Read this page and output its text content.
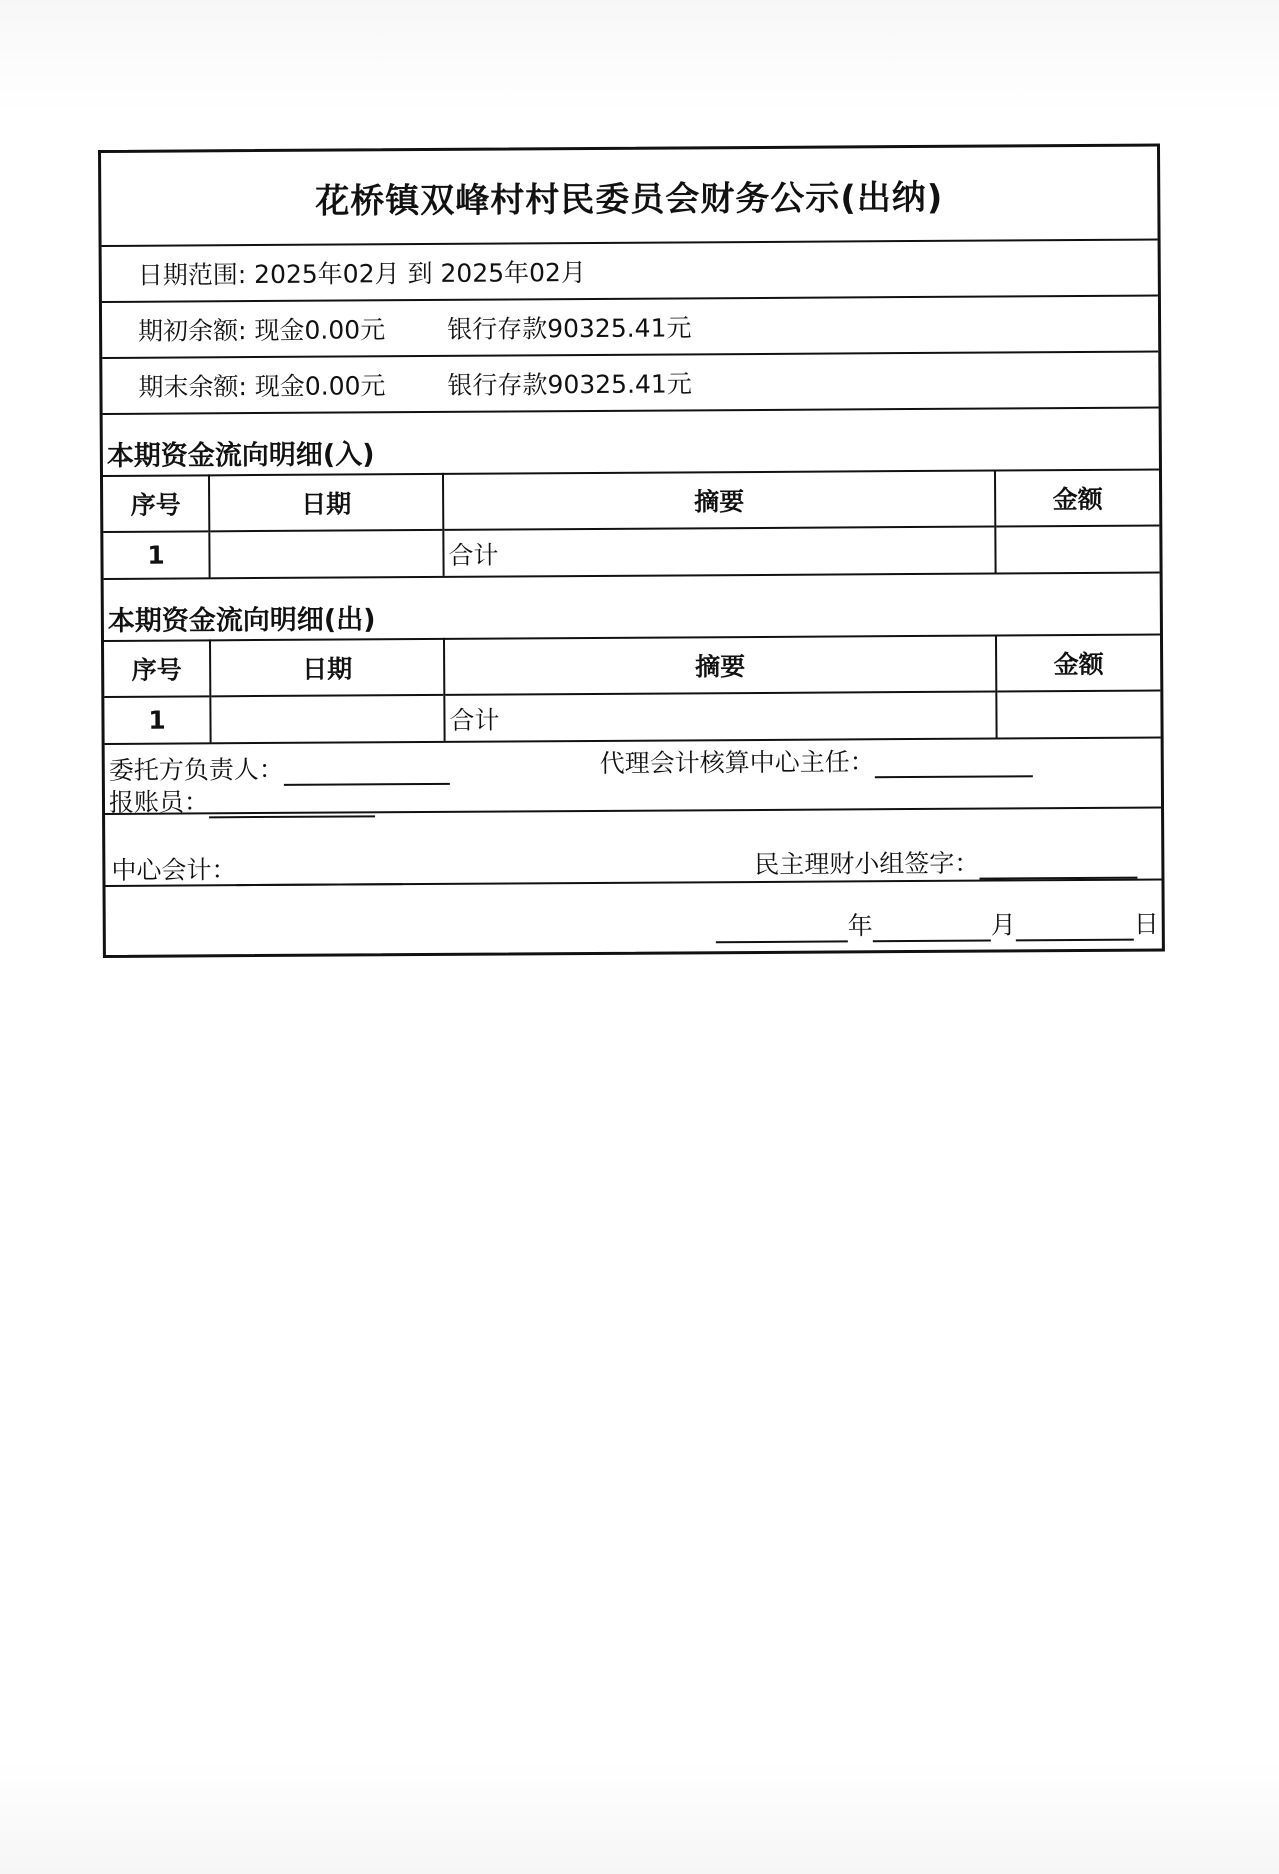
花桥镇双峰村村民委员会财务公示(出纳)
日期范围: 2025年02月 到 2025年02月
期初余额: 现金0.00元 银行存款90325.41元
期末余额: 现金0.00元 银行存款90325.41元
本期资金流向明细(入)
序号	日期	摘要	金额
1		合计	
本期资金流向明细(出)
序号	日期	摘要	金额
1		合计	
委托方负责人：	代理会计核算中心主任：
报账员：
中心会计：	民主理财小组签字：
年	月	日
